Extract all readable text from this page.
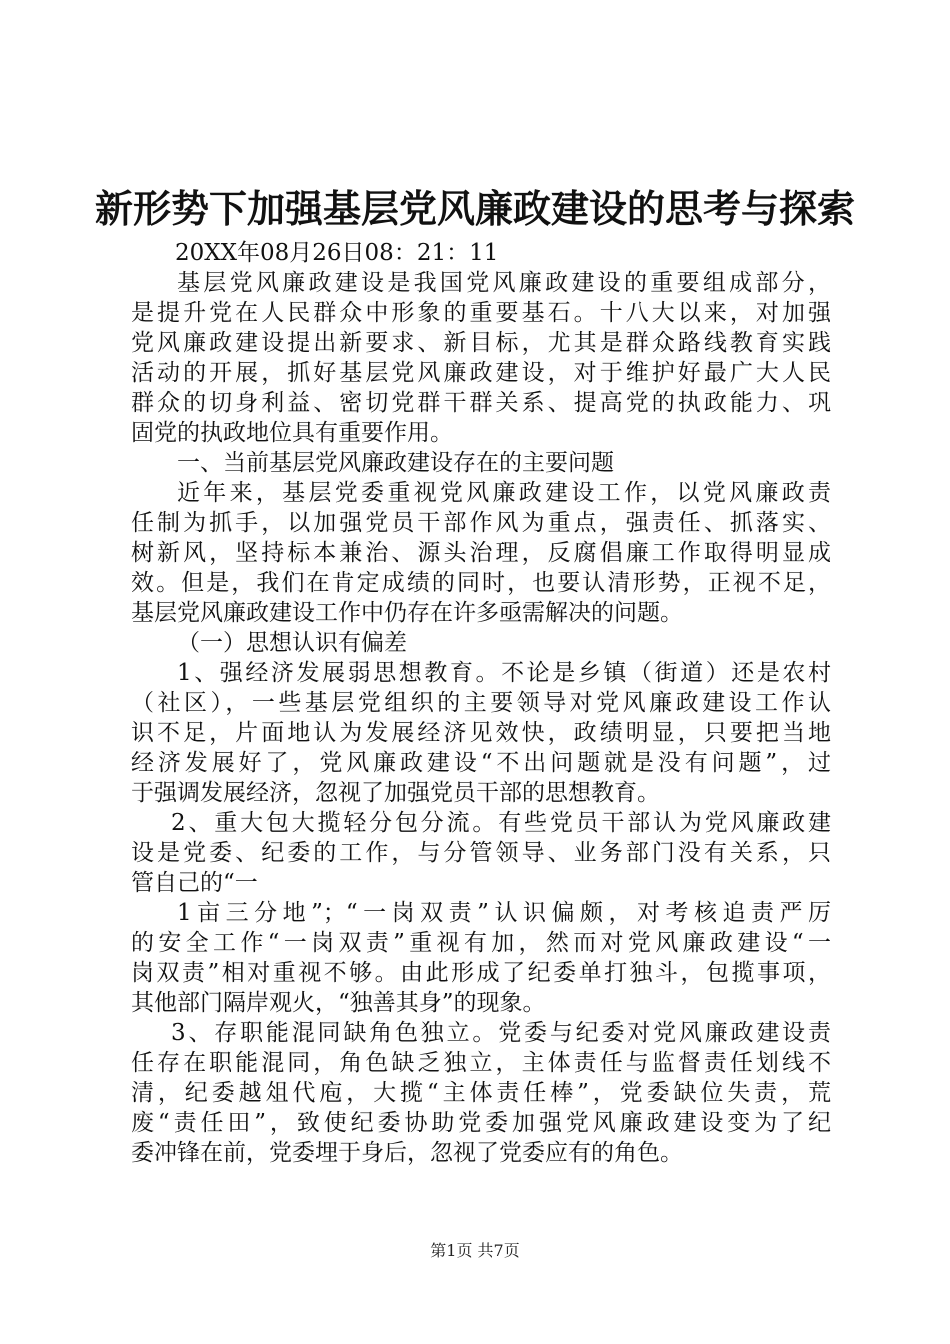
新形势下加强基层党风廉政建设的思考与探索
20XX年08月26日08：21：11
基层党风廉政建设是我国党风廉政建设的重要组成部分，
是提升党在人民群众中形象的重要基石。十八大以来，对加强
党风廉政建设提出新要求、新目标，尤其是群众路线教育实践
活动的开展，抓好基层党风廉政建设，对于维护好最广大人民
群众的切身利益、密切党群干群关系、提高党的执政能力、巩
固党的执政地位具有重要作用。
一、当前基层党风廉政建设存在的主要问题
近年来，基层党委重视党风廉政建设工作，以党风廉政责
任制为抓手，以加强党员干部作风为重点，强责任、抓落实、
树新风，坚持标本兼治、源头治理，反腐倡廉工作取得明显成
效。但是，我们在肯定成绩的同时，也要认清形势，正视不足，
基层党风廉政建设工作中仍存在许多亟需解决的问题。
（一）思想认识有偏差
1、强经济发展弱思想教育。不论是乡镇（街道）还是农村
（社区），一些基层党组织的主要领导对党风廉政建设工作认
识不足，片面地认为发展经济见效快，政绩明显，只要把当地
经济发展好了，党风廉政建设“不出问题就是没有问题”，过
于强调发展经济，忽视了加强党员干部的思想教育。
2、重大包大揽轻分包分流。有些党员干部认为党风廉政建
设是党委、纪委的工作，与分管领导、业务部门没有关系，只
管自己的“一
1亩三分地”；“一岗双责”认识偏颇，对考核追责严厉
的安全工作“一岗双责”重视有加，然而对党风廉政建设“一
岗双责”相对重视不够。由此形成了纪委单打独斗，包揽事项，
其他部门隔岸观火，“独善其身”的现象。
3、存职能混同缺角色独立。党委与纪委对党风廉政建设责
任存在职能混同，角色缺乏独立，主体责任与监督责任划线不
清，纪委越俎代庖，大揽“主体责任棒”，党委缺位失责，荒
废“责任田”，致使纪委协助党委加强党风廉政建设变为了纪
委冲锋在前，党委埋于身后，忽视了党委应有的角色。
第1页 共7页
